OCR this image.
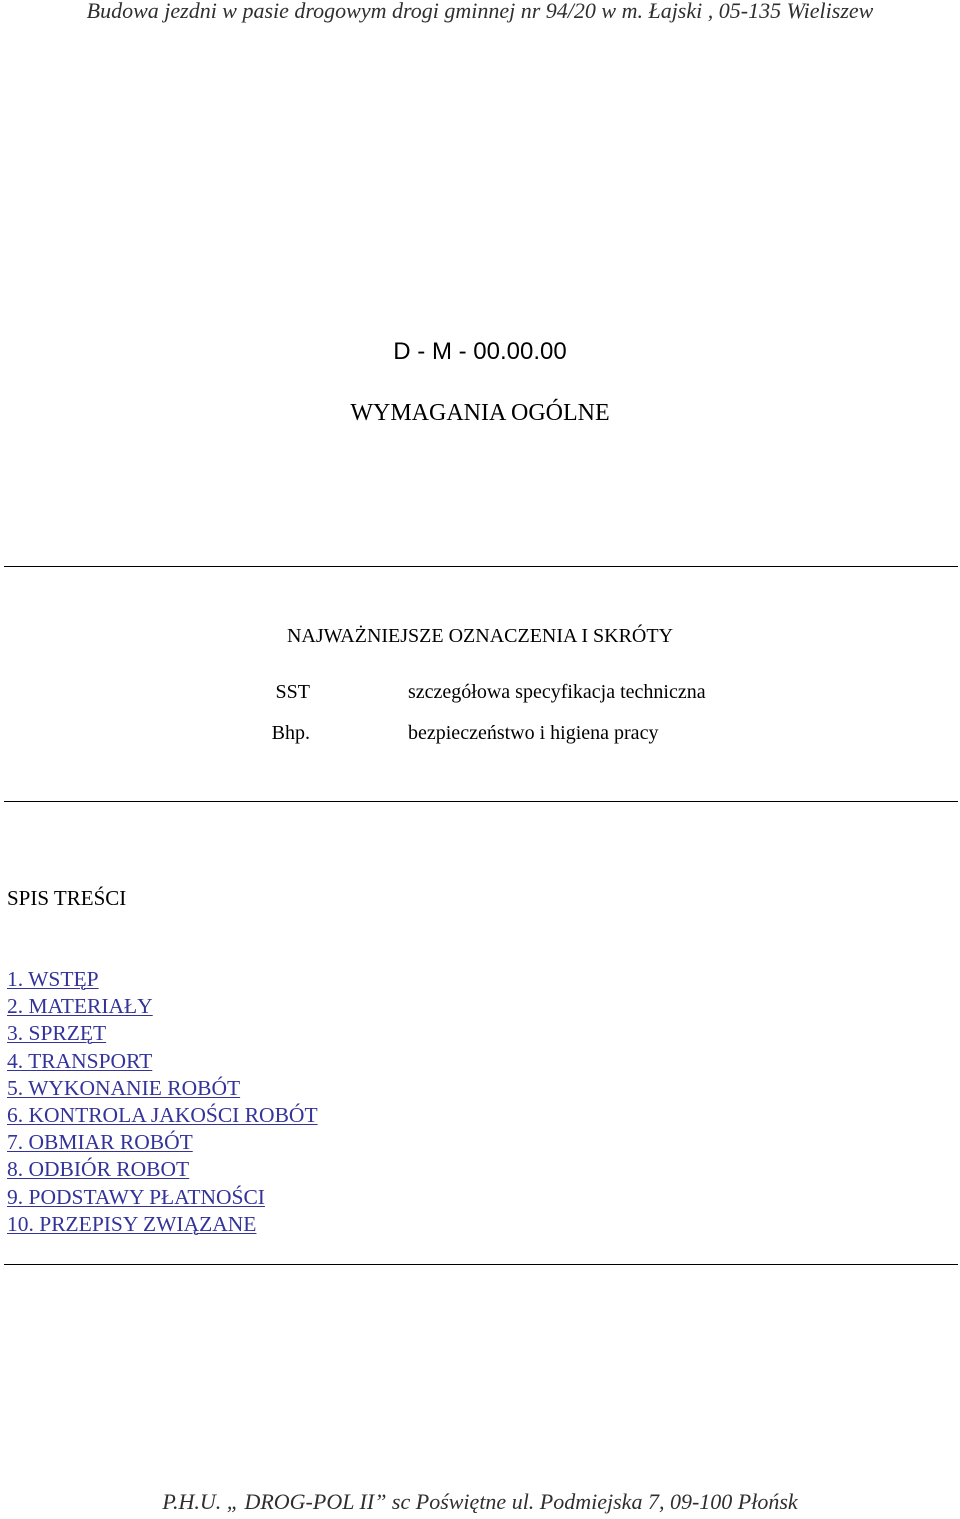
Budowa jezdni w pasie drogowym drogi gminnej nr 94/20 w m. Łajski , 05-135 Wieliszew
D - M - 00.00.00
WYMAGANIA OGÓLNE
NAJWAŻNIEJSZE OZNACZENIA I SKRÓTY
SST	szczegółowa specyfikacja techniczna
Bhp.	bezpieczeństwo i higiena pracy
SPIS TREŚCI
1. WSTĘP
2. MATERIAŁY
3. SPRZĘT
4. TRANSPORT
5. WYKONANIE ROBÓT
6. KONTROLA JAKOŚCI ROBÓT
7. OBMIAR ROBÓT
8. ODBIÓR ROBOT
9. PODSTAWY PŁATNOŚCI
10. PRZEPISY ZWIĄZANE
P.H.U. „ DROG-POL II” sc Poświętne ul. Podmiejska 7, 09-100 Płońsk
